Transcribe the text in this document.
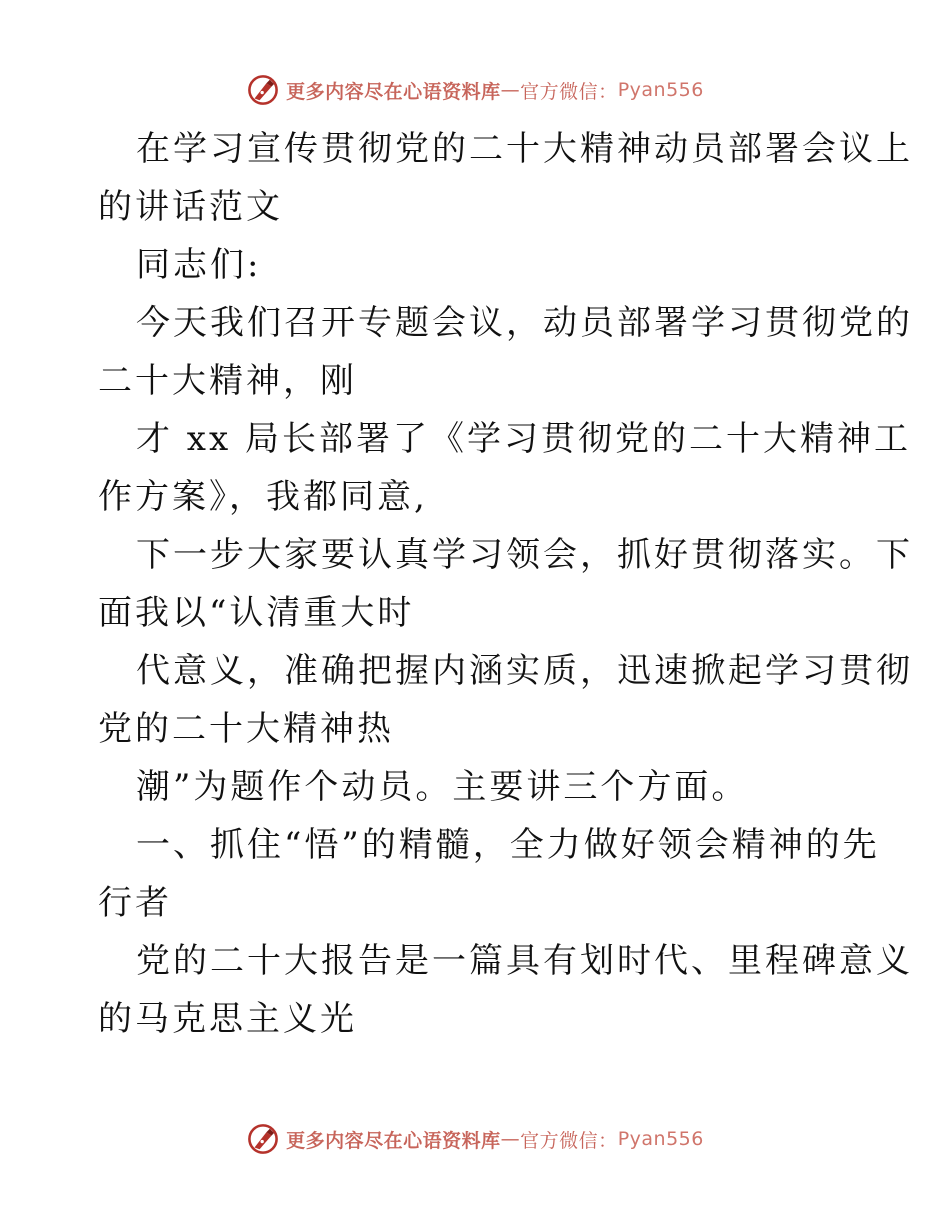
更多内容尽在心语资料库 — 官方微信： Pyan556
在学习宣传贯彻党的二十大精神动员部署会议上
的讲话范文
同志们:
今天我们召开专题会议，动员部署学习贯彻党的
二十大精神，刚
才 xx 局长部署了《学习贯彻党的二十大精神工
作方案》，我都同意,
下一步大家要认真学习领会，抓好贯彻落实。下
面我以“认清重大时
代意义，准确把握内涵实质，迅速掀起学习贯彻
党的二十大精神热
潮”为题作个动员。主要讲三个方面。
一、抓住“悟”的精髓，全力做好领会精神的先
行者
党的二十大报告是一篇具有划时代、里程碑意义
的马克思主义光
更多内容尽在心语资料库 — 官方微信： Pyan556
